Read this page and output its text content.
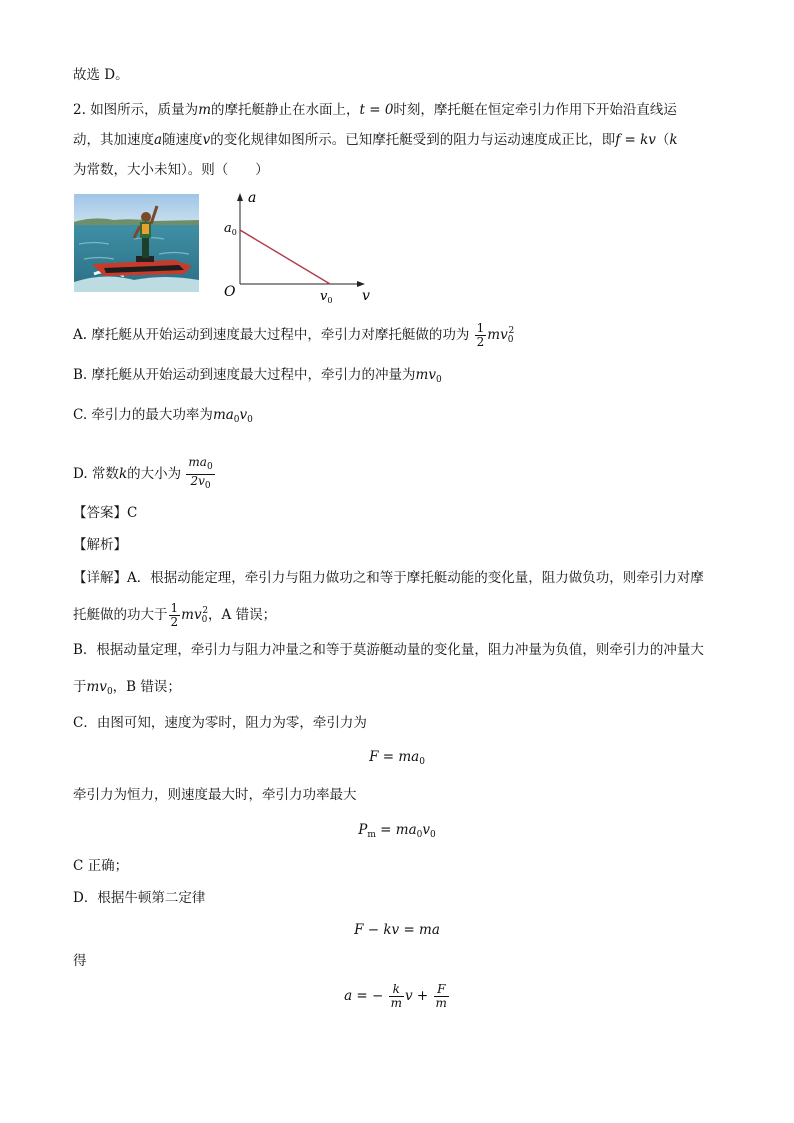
故选 D。
2. 如图所示，质量为m的摩托艇静止在水面上，t = 0时刻，摩托艇在恒定牵引力作用下开始沿直线运
动，其加速度a随速度v的变化规律如图所示。已知摩托艇受到的阻力与运动速度成正比，即f = kv（k
为常数，大小未知）。则（　　）
a
v
O
$a_0$
$v_0$
A. 摩托艇从开始运动到速度最大过程中，牵引力对摩托艇做的功为 $\frac{1}{2} mv_0^2$
B. 摩托艇从开始运动到速度最大过程中，牵引力的冲量为$mv_0$
C. 牵引力的最大功率为$ma_0v_0$
D. 常数k的大小为 $\frac{ma_0}{2v_0}$
【答案】C
【解析】
【详解】A．根据动能定理，牵引力与阻力做功之和等于摩托艇动能的变化量，阻力做负功，则牵引力对摩
托艇做的功大于 $\frac{1}{2} mv_0^2$，A 错误；
B．根据动量定理，牵引力与阻力冲量之和等于莫游艇动量的变化量，阻力冲量为负值，则牵引力的冲量大
于$mv_0$，B 错误；
C．由图可知，速度为零时，阻力为零，牵引力为
$F = ma_0$
牵引力为恒力，则速度最大时，牵引力功率最大
$P_m = ma_0v_0$
C 正确；
D．根据牛顿第二定律
F − kv = ma
得
a = − $\frac{k}{m}$ $v + \frac{F}{m}$
